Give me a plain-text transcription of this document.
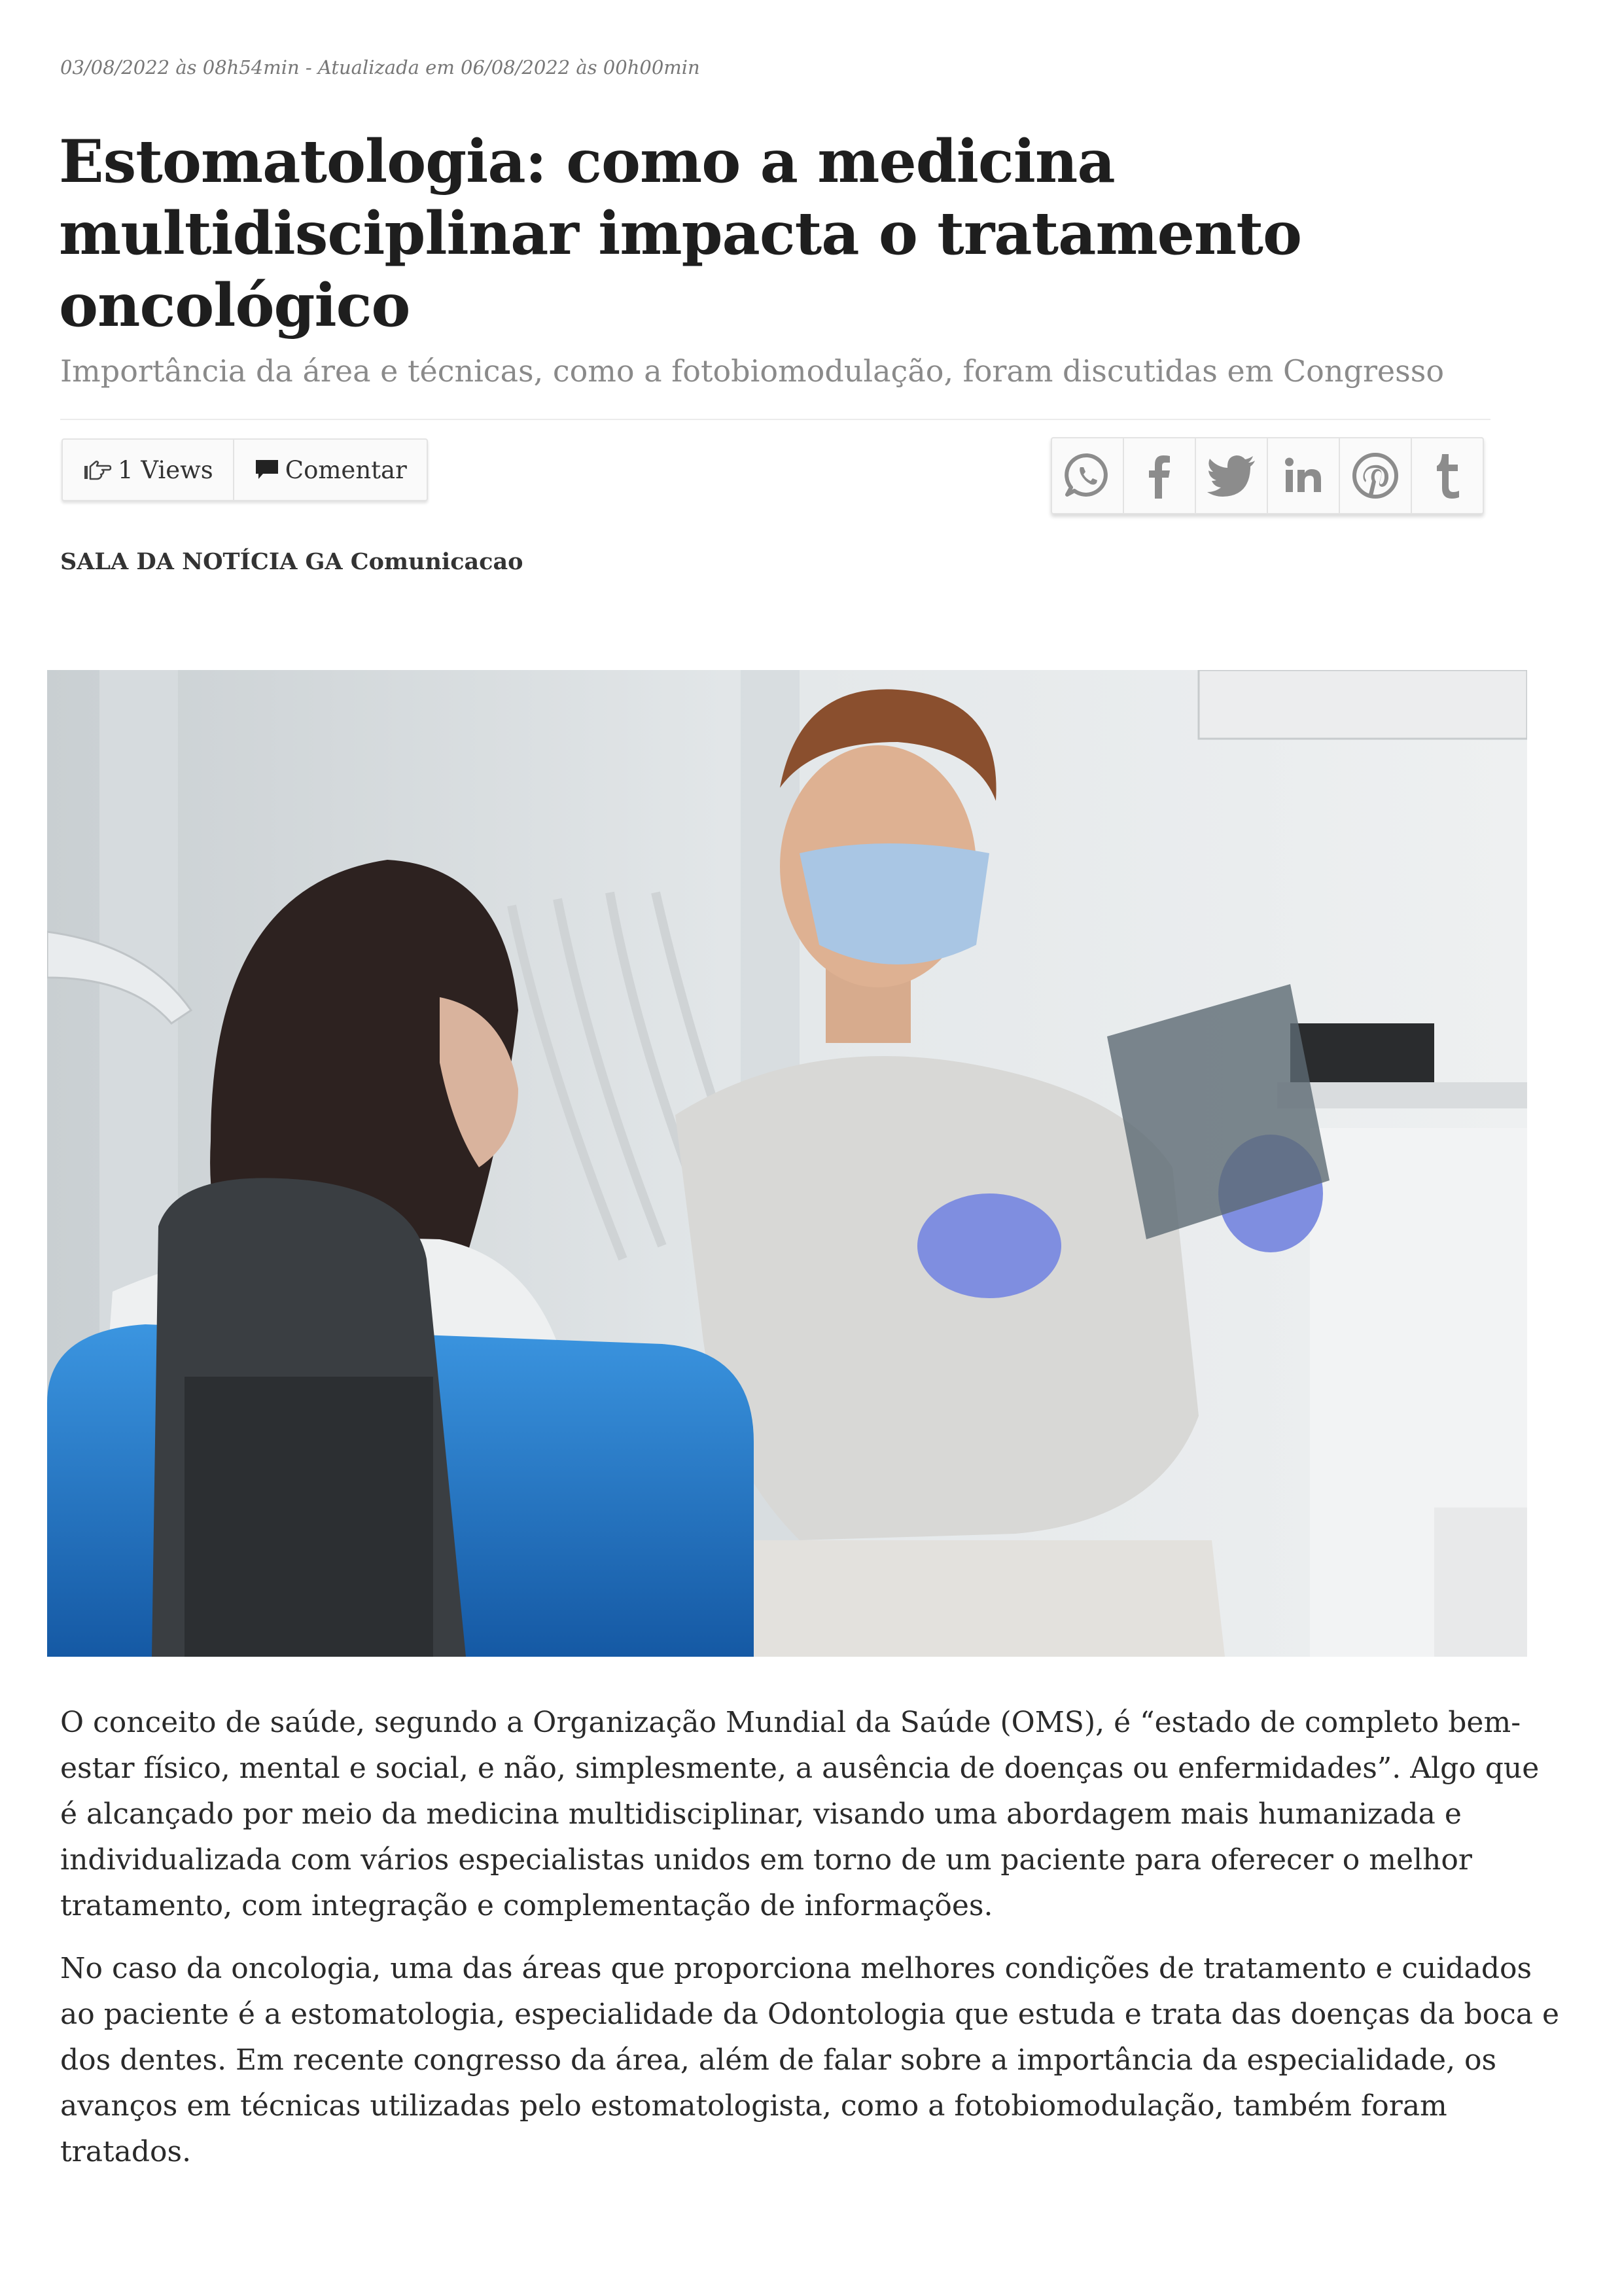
03/08/2022 às 08h54min - Atualizada em 06/08/2022 às 00h00min
Estomatologia: como a medicina multidisciplinar impacta o tratamento oncológico
Importância da área e técnicas, como a fotobiomodulação, foram discutidas em Congresso
1 Views	Comentar
SALA DA NOTÍCIA GA Comunicacao

O conceito de saúde, segundo a Organização Mundial da Saúde (OMS), é “estado de completo bem-estar físico, mental e social, e não, simplesmente, a ausência de doenças ou enfermidades”. Algo que é alcançado por meio da medicina multidisciplinar, visando uma abordagem mais humanizada e individualizada com vários especialistas unidos em torno de um paciente para oferecer o melhor tratamento, com integração e complementação de informações.

No caso da oncologia, uma das áreas que proporciona melhores condições de tratamento e cuidados ao paciente é a estomatologia, especialidade da Odontologia que estuda e trata das doenças da boca e dos dentes. Em recente congresso da área, além de falar sobre a importância da especialidade, os avanços em técnicas utilizadas pelo estomatologista, como a fotobiomodulação, também foram tratados.
